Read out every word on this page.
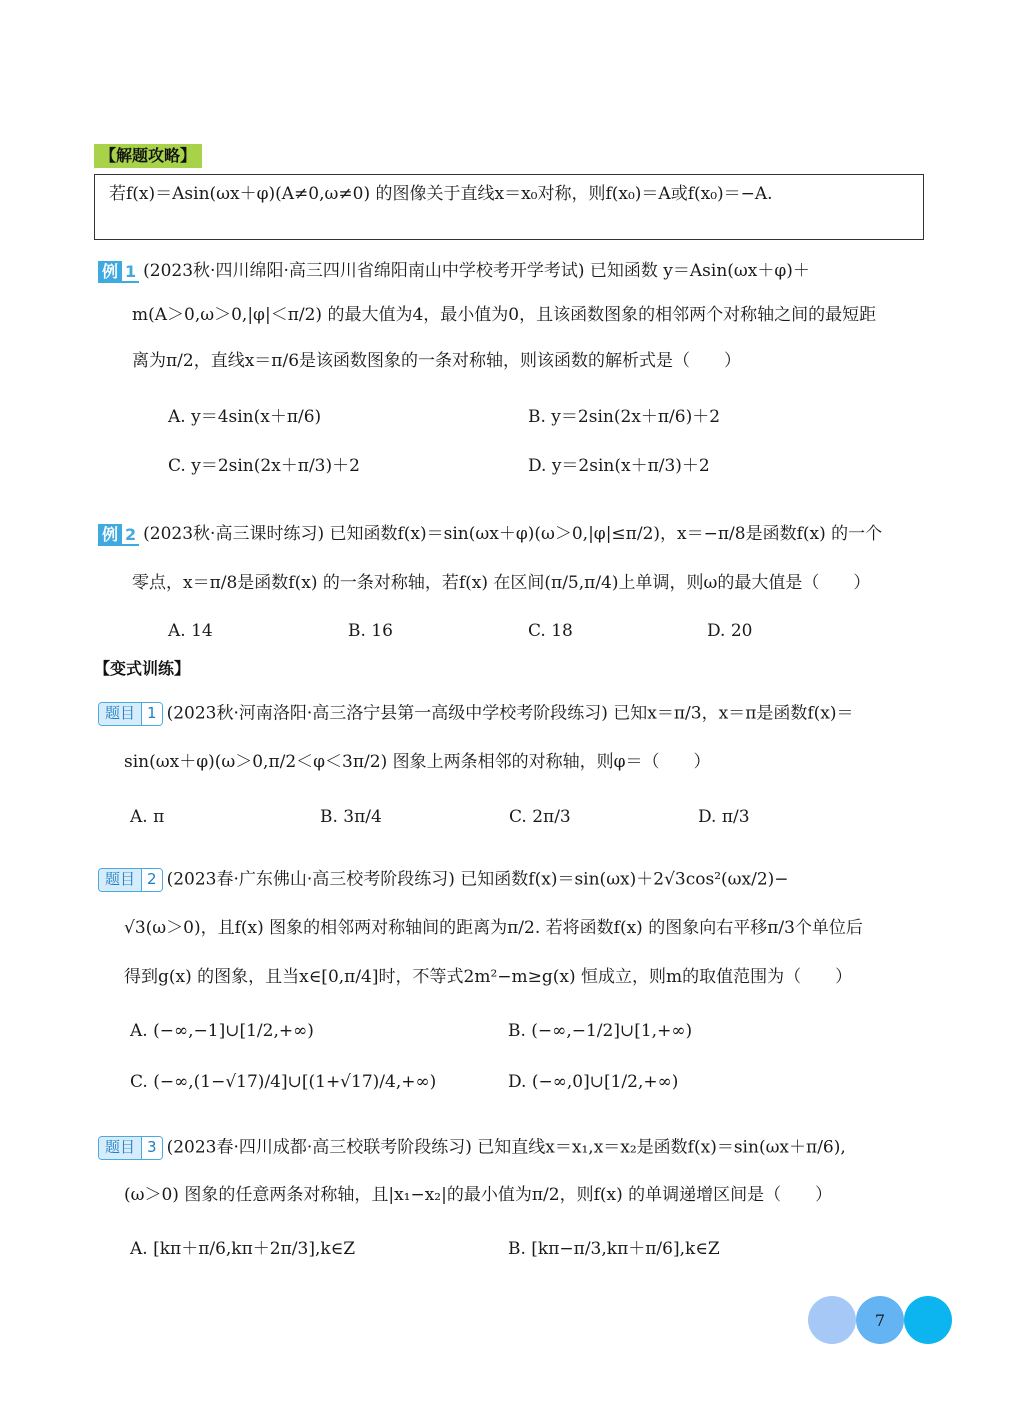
【解题攻略】
若f(x)＝Asin(ωx＋φ)(A≠0,ω≠0) 的图像关于直线x＝x₀对称，则f(x₀)＝A或f(x₀)＝−A.
例 1 (2023秋·四川绵阳·高三四川省绵阳南山中学校考开学考试) 已知函数 y＝Asin(ωx＋φ)＋
m(A＞0,ω＞0,|φ|＜π/2) 的最大值为4，最小值为0，且该函数图象的相邻两个对称轴之间的最短距
离为π/2，直线x＝π/6是该函数图象的一条对称轴，则该函数的解析式是（　　）
A. y＝4sin(x＋π/6)	B. y＝2sin(2x＋π/6)＋2
C. y＝2sin(2x＋π/3)＋2	D. y＝2sin(x＋π/3)＋2
例 2 (2023秋·高三课时练习) 已知函数f(x)＝sin(ωx＋φ)(ω＞0,|φ|≤π/2)，x＝−π/8是函数f(x) 的一个
零点，x＝π/8是函数f(x) 的一条对称轴，若f(x) 在区间(π/5,π/4)上单调，则ω的最大值是（　　）
A. 14	B. 16	C. 18	D. 20
【变式训练】
题目 1 (2023秋·河南洛阳·高三洛宁县第一高级中学校考阶段练习) 已知x＝π/3，x＝π是函数f(x)＝
sin(ωx＋φ)(ω＞0,π/2＜φ＜3π/2) 图象上两条相邻的对称轴，则φ＝（　　）
A. π	B. 3π/4	C. 2π/3	D. π/3
题目 2 (2023春·广东佛山·高三校考阶段练习) 已知函数f(x)＝sin(ωx)＋2√3cos²(ωx/2)−
√3(ω＞0)，且f(x) 图象的相邻两对称轴间的距离为π/2. 若将函数f(x) 的图象向右平移π/3个单位后
得到g(x) 的图象，且当x∈[0,π/4]时，不等式2m²−m≥g(x) 恒成立，则m的取值范围为（　　）
A. (−∞,−1]∪[1/2,+∞)	B. (−∞,−1/2]∪[1,+∞)
C. (−∞,(1−√17)/4]∪[(1+√17)/4,+∞)	D. (−∞,0]∪[1/2,+∞)
题目 3 (2023春·四川成都·高三校联考阶段练习) 已知直线x＝x₁,x＝x₂是函数f(x)＝sin(ωx＋π/6),
(ω＞0) 图象的任意两条对称轴，且|x₁−x₂|的最小值为π/2，则f(x) 的单调递增区间是（　　）
A. [kπ＋π/6,kπ＋2π/3],k∈Z	B. [kπ−π/3,kπ＋π/6],k∈Z
7
